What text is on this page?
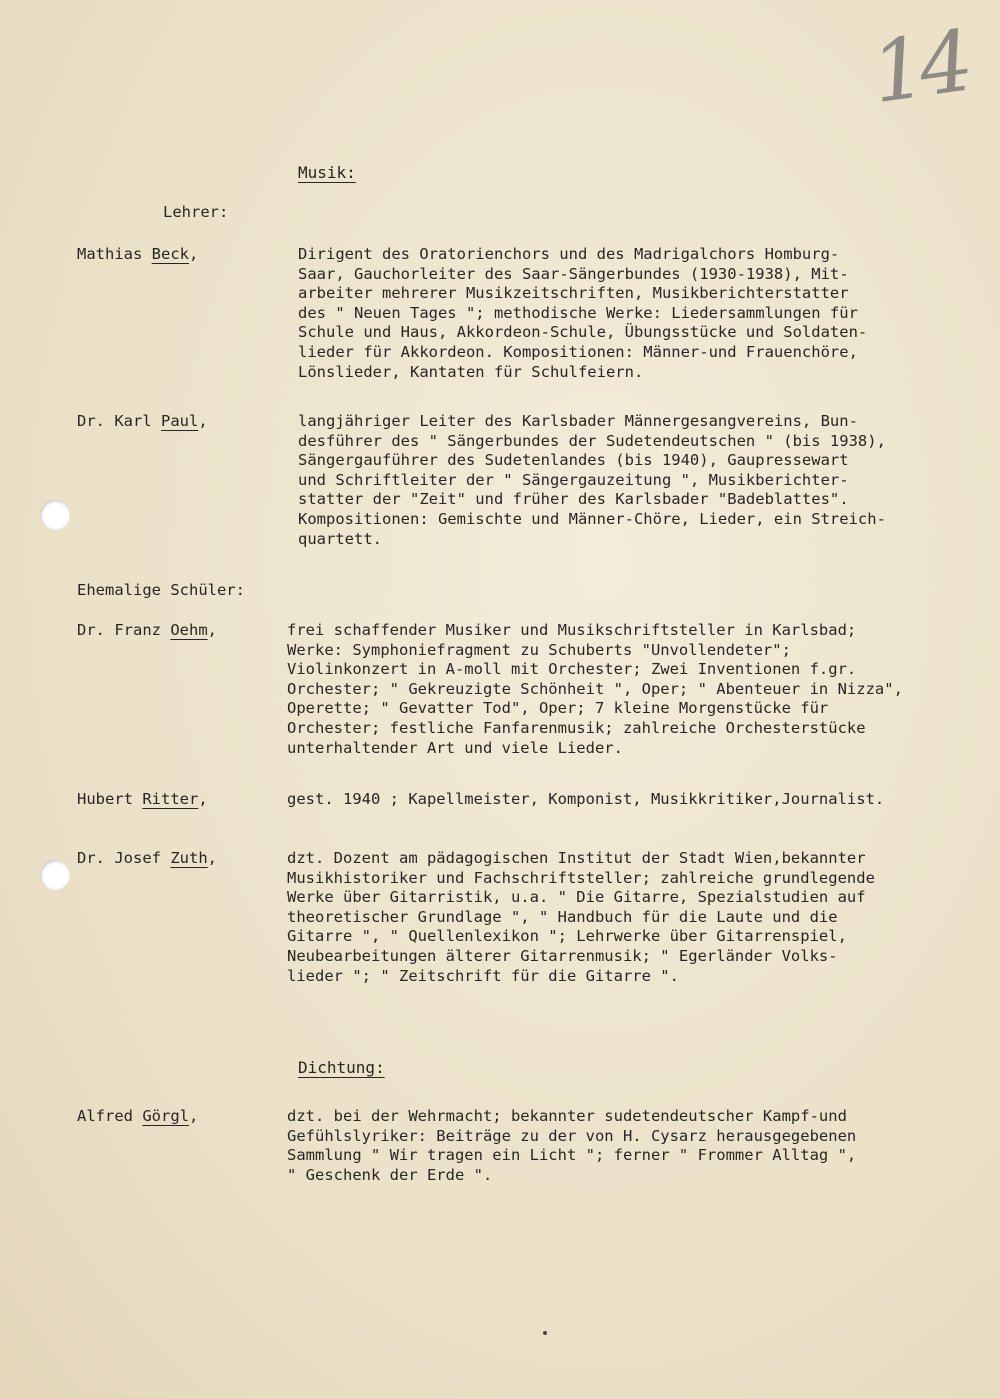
14
Musik:
Lehrer:
Mathias Beck,	Dirigent des Oratorienchors und des Madrigalchors Homburg-
Saar, Gauchorleiter des Saar-Sängerbundes (1930-1938), Mit-
arbeiter mehrerer Musikzeitschriften, Musikberichterstatter
des " Neuen Tages "; methodische Werke: Liedersammlungen für
Schule und Haus, Akkordeon-Schule, Übungsstücke und Soldaten-
lieder für Akkordeon. Kompositionen: Männer-und Frauenchöre,
Lönslieder, Kantaten für Schulfeiern.
Dr. Karl Paul,	langjähriger Leiter des Karlsbader Männergesangvereins, Bun-
desführer des " Sängerbundes der Sudetendeutschen " (bis 1938),
Sängergauführer des Sudetenlandes (bis 1940), Gaupressewart
und Schriftleiter der " Sängergauzeitung ", Musikberichter-
statter der "Zeit" und früher des Karlsbader "Badeblattes".
Kompositionen: Gemischte und Männer-Chöre, Lieder, ein Streich-
quartett.
Ehemalige Schüler:
Dr. Franz Oehm,	frei schaffender Musiker und Musikschriftsteller in Karlsbad;
Werke: Symphoniefragment zu Schuberts "Unvollendeter";
Violinkonzert in A-moll mit Orchester; Zwei Inventionen f.gr.
Orchester; " Gekreuzigte Schönheit ", Oper; " Abenteuer in Nizza",
Operette; " Gevatter Tod", Oper; 7 kleine Morgenstücke für
Orchester; festliche Fanfarenmusik; zahlreiche Orchesterstücke
unterhaltender Art und viele Lieder.
Hubert Ritter,	gest. 1940 ; Kapellmeister, Komponist, Musikkritiker,Journalist.
Dr. Josef Zuth,	dzt. Dozent am pädagogischen Institut der Stadt Wien,bekannter
Musikhistoriker und Fachschriftsteller; zahlreiche grundlegende
Werke über Gitarristik, u.a. " Die Gitarre, Spezialstudien auf
theoretischer Grundlage ", " Handbuch für die Laute und die
Gitarre ", " Quellenlexikon "; Lehrwerke über Gitarrenspiel,
Neubearbeitungen älterer Gitarrenmusik; " Egerländer Volks-
lieder "; " Zeitschrift für die Gitarre ".
Dichtung:
Alfred Görgl,	dzt. bei der Wehrmacht; bekannter sudetendeutscher Kampf-und
Gefühlslyriker: Beiträge zu der von H. Cysarz herausgegebenen
Sammlung " Wir tragen ein Licht "; ferner " Frommer Alltag ",
" Geschenk der Erde ".
